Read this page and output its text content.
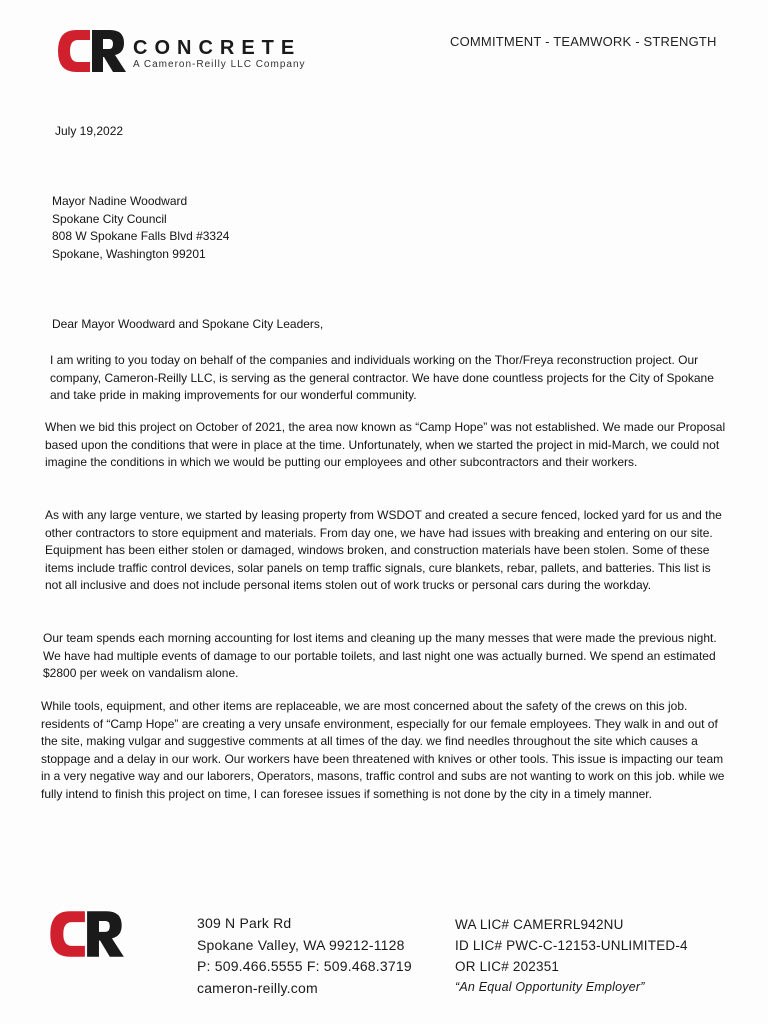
CONCRETE
A Cameron-Reilly LLC Company
COMMITMENT - TEAMWORK - STRENGTH
July 19,2022
Mayor Nadine Woodward
Spokane City Council
808 W Spokane Falls Blvd #3324
Spokane, Washington 99201
Dear Mayor Woodward and Spokane City Leaders,

I am writing to you today on behalf of the companies and individuals working on the Thor/Freya reconstruction project. Our company, Cameron-Reilly LLC, is serving as the general contractor. We have done countless projects for the City of Spokane and take pride in making improvements for our wonderful community.

When we bid this project on October of 2021, the area now known as “Camp Hope” was not established. We made our Proposal based upon the conditions that were in place at the time. Unfortunately, when we started the project in mid-March, we could not imagine the conditions in which we would be putting our employees and other subcontractors and their workers.

As with any large venture, we started by leasing property from WSDOT and created a secure fenced, locked yard for us and the other contractors to store equipment and materials. From day one, we have had issues with breaking and entering on our site. Equipment has been either stolen or damaged, windows broken, and construction materials have been stolen. Some of these items include traffic control devices, solar panels on temp traffic signals, cure blankets, rebar, pallets, and batteries. This list is not all inclusive and does not include personal items stolen out of work trucks or personal cars during the workday.

Our team spends each morning accounting for lost items and cleaning up the many messes that were made the previous night. We have had multiple events of damage to our portable toilets, and last night one was actually burned. We spend an estimated $2800 per week on vandalism alone.

While tools, equipment, and other items are replaceable, we are most concerned about the safety of the crews on this job. residents of “Camp Hope” are creating a very unsafe environment, especially for our female employees. They walk in and out of the site, making vulgar and suggestive comments at all times of the day. we find needles throughout the site which causes a stoppage and a delay in our work. Our workers have been threatened with knives or other tools. This issue is impacting our team in a very negative way and our laborers, Operators, masons, traffic control and subs are not wanting to work on this job. while we fully intend to finish this project on time, I can foresee issues if something is not done by the city in a timely manner.

309 N Park Rd
Spokane Valley, WA 99212-1128
P: 509.466.5555 F: 509.468.3719
cameron-reilly.com
WA LIC# CAMERRL942NU
ID LIC# PWC-C-12153-UNLIMITED-4
OR LIC# 202351
“An Equal Opportunity Employer”
